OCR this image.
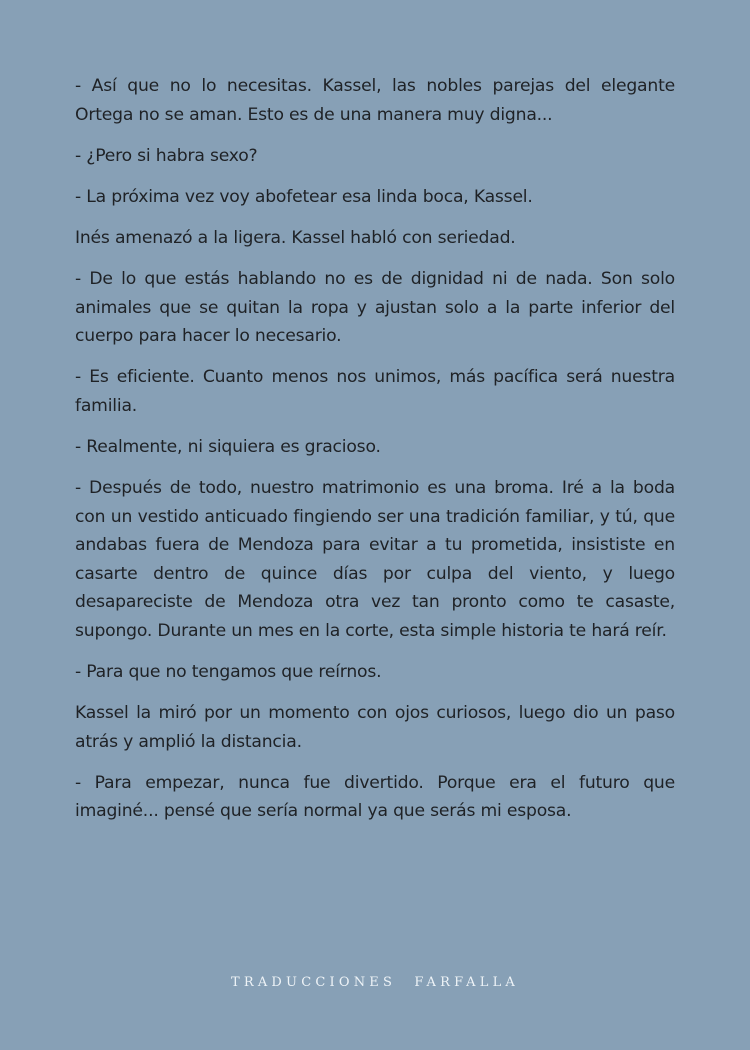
- Así que no lo necesitas. Kassel, las nobles parejas del elegante Ortega no se aman. Esto es de una manera muy digna...

- ¿Pero si habra sexo?

- La próxima vez voy abofetear esa linda boca, Kassel.

Inés amenazó a la ligera. Kassel habló con seriedad.

- De lo que estás hablando no es de dignidad ni de nada. Son solo animales que se quitan la ropa y ajustan solo a la parte inferior del cuerpo para hacer lo necesario.

- Es eficiente. Cuanto menos nos unimos, más pacífica será nuestra familia.

- Realmente, ni siquiera es gracioso.

- Después de todo, nuestro matrimonio es una broma. Iré a la boda con un vestido anticuado fingiendo ser una tradición familiar, y tú, que andabas fuera de Mendoza para evitar a tu prometida, insististe en casarte dentro de quince días por culpa del viento, y luego desapareciste de Mendoza otra vez tan pronto como te casaste, supongo. Durante un mes en la corte, esta simple historia te hará reír.

- Para que no tengamos que reírnos.

Kassel la miró por un momento con ojos curiosos, luego dio un paso atrás y amplió la distancia.

- Para empezar, nunca fue divertido. Porque era el futuro que imaginé... pensé que sería normal ya que serás mi esposa.

TRADUCCIONES FARFALLA
